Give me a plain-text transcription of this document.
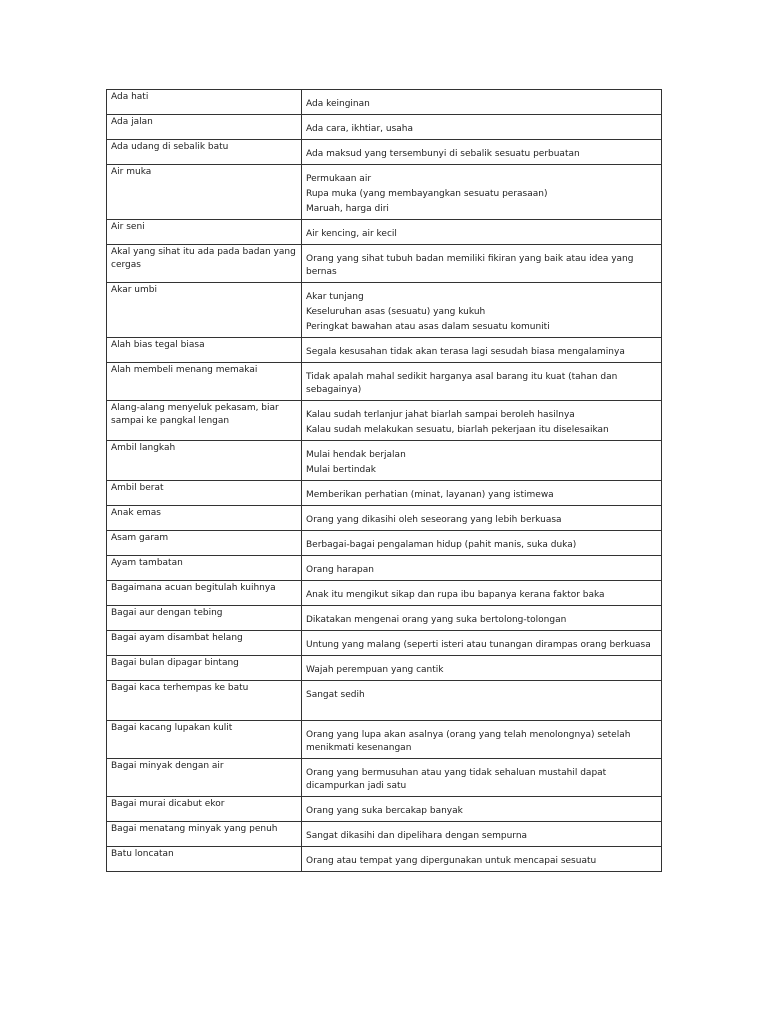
Ada hati	Ada keinginan

Ada jalan	Ada cara, ikhtiar, usaha

Ada udang di sebalik batu	Ada maksud yang tersembunyi di sebalik sesuatu perbuatan

Air muka	Permukaan air
Rupa muka (yang membayangkan sesuatu perasaan)
Maruah, harga diri

Air seni	Air kencing, air kecil

Akal yang sihat itu ada pada badan yang cergas	Orang yang sihat tubuh badan memiliki fikiran yang baik atau idea yang bernas

Akar umbi	Akar tunjang
Keseluruhan asas (sesuatu) yang kukuh
Peringkat bawahan atau asas dalam sesuatu komuniti

Alah bias tegal biasa	Segala kesusahan tidak akan terasa lagi sesudah biasa mengalaminya

Alah membeli menang memakai	Tidak apalah mahal sedikit harganya asal barang itu kuat (tahan dan sebagainya)

Alang-alang menyeluk pekasam, biar sampai ke pangkal lengan	Kalau sudah terlanjur jahat biarlah sampai beroleh hasilnya
Kalau sudah melakukan sesuatu, biarlah pekerjaan itu diselesaikan

Ambil langkah	Mulai hendak berjalan
Mulai bertindak

Ambil berat	Memberikan perhatian (minat, layanan) yang istimewa

Anak emas	Orang yang dikasihi oleh seseorang yang lebih berkuasa

Asam garam	Berbagai-bagai pengalaman hidup (pahit manis, suka duka)

Ayam tambatan	Orang harapan

Bagaimana acuan begitulah kuihnya	Anak itu mengikut sikap dan rupa ibu bapanya kerana faktor baka

Bagai aur dengan tebing	Dikatakan mengenai orang yang suka bertolong-tolongan

Bagai ayam disambat helang	Untung yang malang (seperti isteri atau tunangan dirampas orang berkuasa

Bagai bulan dipagar bintang	Wajah perempuan yang cantik

Bagai kaca terhempas ke batu	Sangat sedih

Bagai kacang lupakan kulit	Orang yang lupa akan asalnya (orang yang telah menolongnya) setelah menikmati kesenangan

Bagai minyak dengan air	Orang yang bermusuhan atau yang tidak sehaluan mustahil dapat dicampurkan jadi satu

Bagai murai dicabut ekor	Orang yang suka bercakap banyak

Bagai menatang minyak yang penuh	Sangat dikasihi dan dipelihara dengan sempurna

Batu loncatan	Orang atau tempat yang dipergunakan untuk mencapai sesuatu
